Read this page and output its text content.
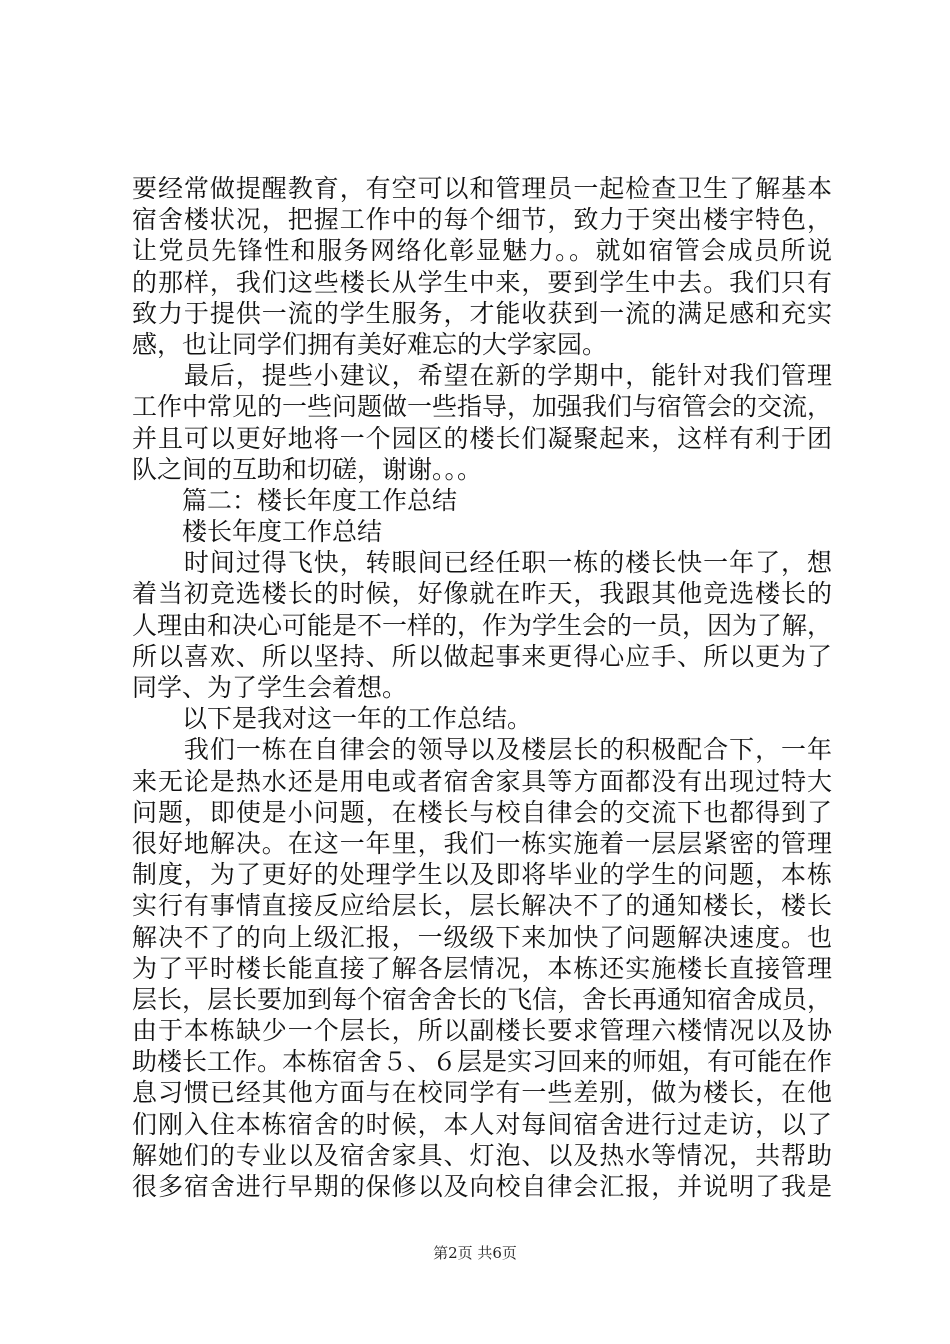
要经常做提醒教育，有空可以和管理员一起检查卫生了解基本
宿舍楼状况，把握工作中的每个细节，致力于突出楼宇特色，
让党员先锋性和服务网络化彰显魅力。。就如宿管会成员所说
的那样，我们这些楼长从学生中来，要到学生中去。我们只有
致力于提供一流的学生服务，才能收获到一流的满足感和充实
感，也让同学们拥有美好难忘的大学家园。
　　最后，提些小建议，希望在新的学期中，能针对我们管理
工作中常见的一些问题做一些指导，加强我们与宿管会的交流，
并且可以更好地将一个园区的楼长们凝聚起来，这样有利于团
队之间的互助和切磋，谢谢。。。
　　篇二：楼长年度工作总结
　　楼长年度工作总结
　　时间过得飞快，转眼间已经任职一栋的楼长快一年了，想
着当初竞选楼长的时候，好像就在昨天，我跟其他竞选楼长的
人理由和决心可能是不一样的，作为学生会的一员，因为了解，
所以喜欢、所以坚持、所以做起事来更得心应手、所以更为了
同学、为了学生会着想。
　　以下是我对这一年的工作总结。
　　我们一栋在自律会的领导以及楼层长的积极配合下，一年
来无论是热水还是用电或者宿舍家具等方面都没有出现过特大
问题，即使是小问题，在楼长与校自律会的交流下也都得到了
很好地解决。在这一年里，我们一栋实施着一层层紧密的管理
制度，为了更好的处理学生以及即将毕业的学生的问题，本栋
实行有事情直接反应给层长，层长解决不了的通知楼长，楼长
解决不了的向上级汇报，一级级下来加快了问题解决速度。也
为了平时楼长能直接了解各层情况，本栋还实施楼长直接管理
层长，层长要加到每个宿舍舍长的飞信，舍长再通知宿舍成员，
由于本栋缺少一个层长，所以副楼长要求管理六楼情况以及协
助楼长工作。本栋宿舍５、６层是实习回来的师姐，有可能在作
息习惯已经其他方面与在校同学有一些差别，做为楼长，在他
们刚入住本栋宿舍的时候，本人对每间宿舍进行过走访，以了
解她们的专业以及宿舍家具、灯泡、以及热水等情况，共帮助
很多宿舍进行早期的保修以及向校自律会汇报，并说明了我是
第2页 共6页
